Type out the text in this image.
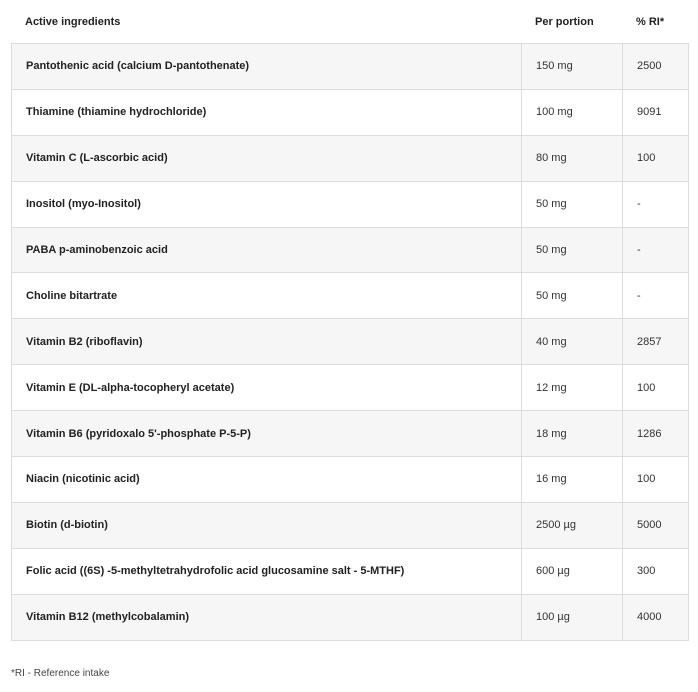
Active ingredients	Per portion	% RI*
Pantothenic acid (calcium D-pantothenate)	150 mg	2500
Thiamine (thiamine hydrochloride)	100 mg	9091
Vitamin C (L-ascorbic acid)	80 mg	100
Inositol (myo-Inositol)	50 mg	-
PABA p-aminobenzoic acid	50 mg	-
Choline bitartrate	50 mg	-
Vitamin B2 (riboflavin)	40 mg	2857
Vitamin E (DL-alpha-tocopheryl acetate)	12 mg	100
Vitamin B6 (pyridoxalo 5'-phosphate P-5-P)	18 mg	1286
Niacin (nicotinic acid)	16 mg	100
Biotin (d-biotin)	2500 µg	5000
Folic acid ((6S) -5-methyltetrahydrofolic acid glucosamine salt - 5-MTHF)	600 µg	300
Vitamin B12 (methylcobalamin)	100 µg	4000
*RI - Reference intake
